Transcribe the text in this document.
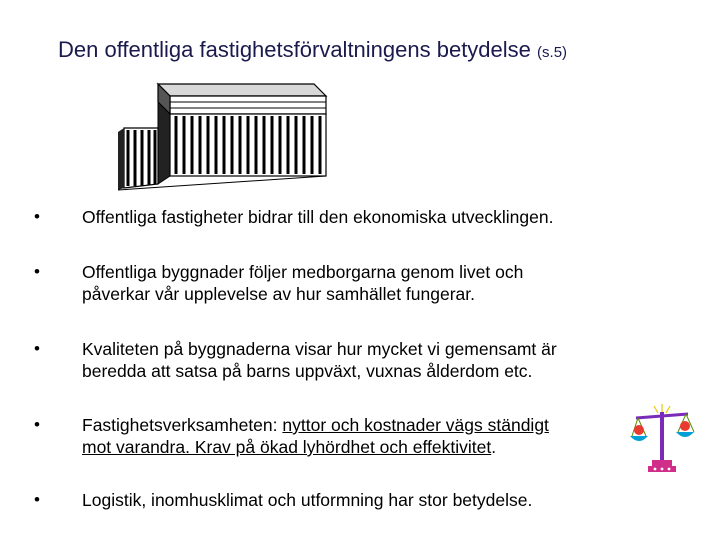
Den offentliga fastighetsförvaltningens betydelse (s.5)
• Offentliga fastigheter bidrar till den ekonomiska utvecklingen.
• Offentliga byggnader följer medborgarna genom livet och
påverkar vår upplevelse av hur samhället fungerar.
• Kvaliteten på byggnaderna visar hur mycket vi gemensamt är
beredda att satsa på barns uppväxt, vuxnas ålderdom etc.
• Fastighetsverksamheten: nyttor och kostnader vägs ständigt
mot varandra. Krav på ökad lyhördhet och effektivitet.
• Logistik, inomhusklimat och utformning har stor betydelse.
